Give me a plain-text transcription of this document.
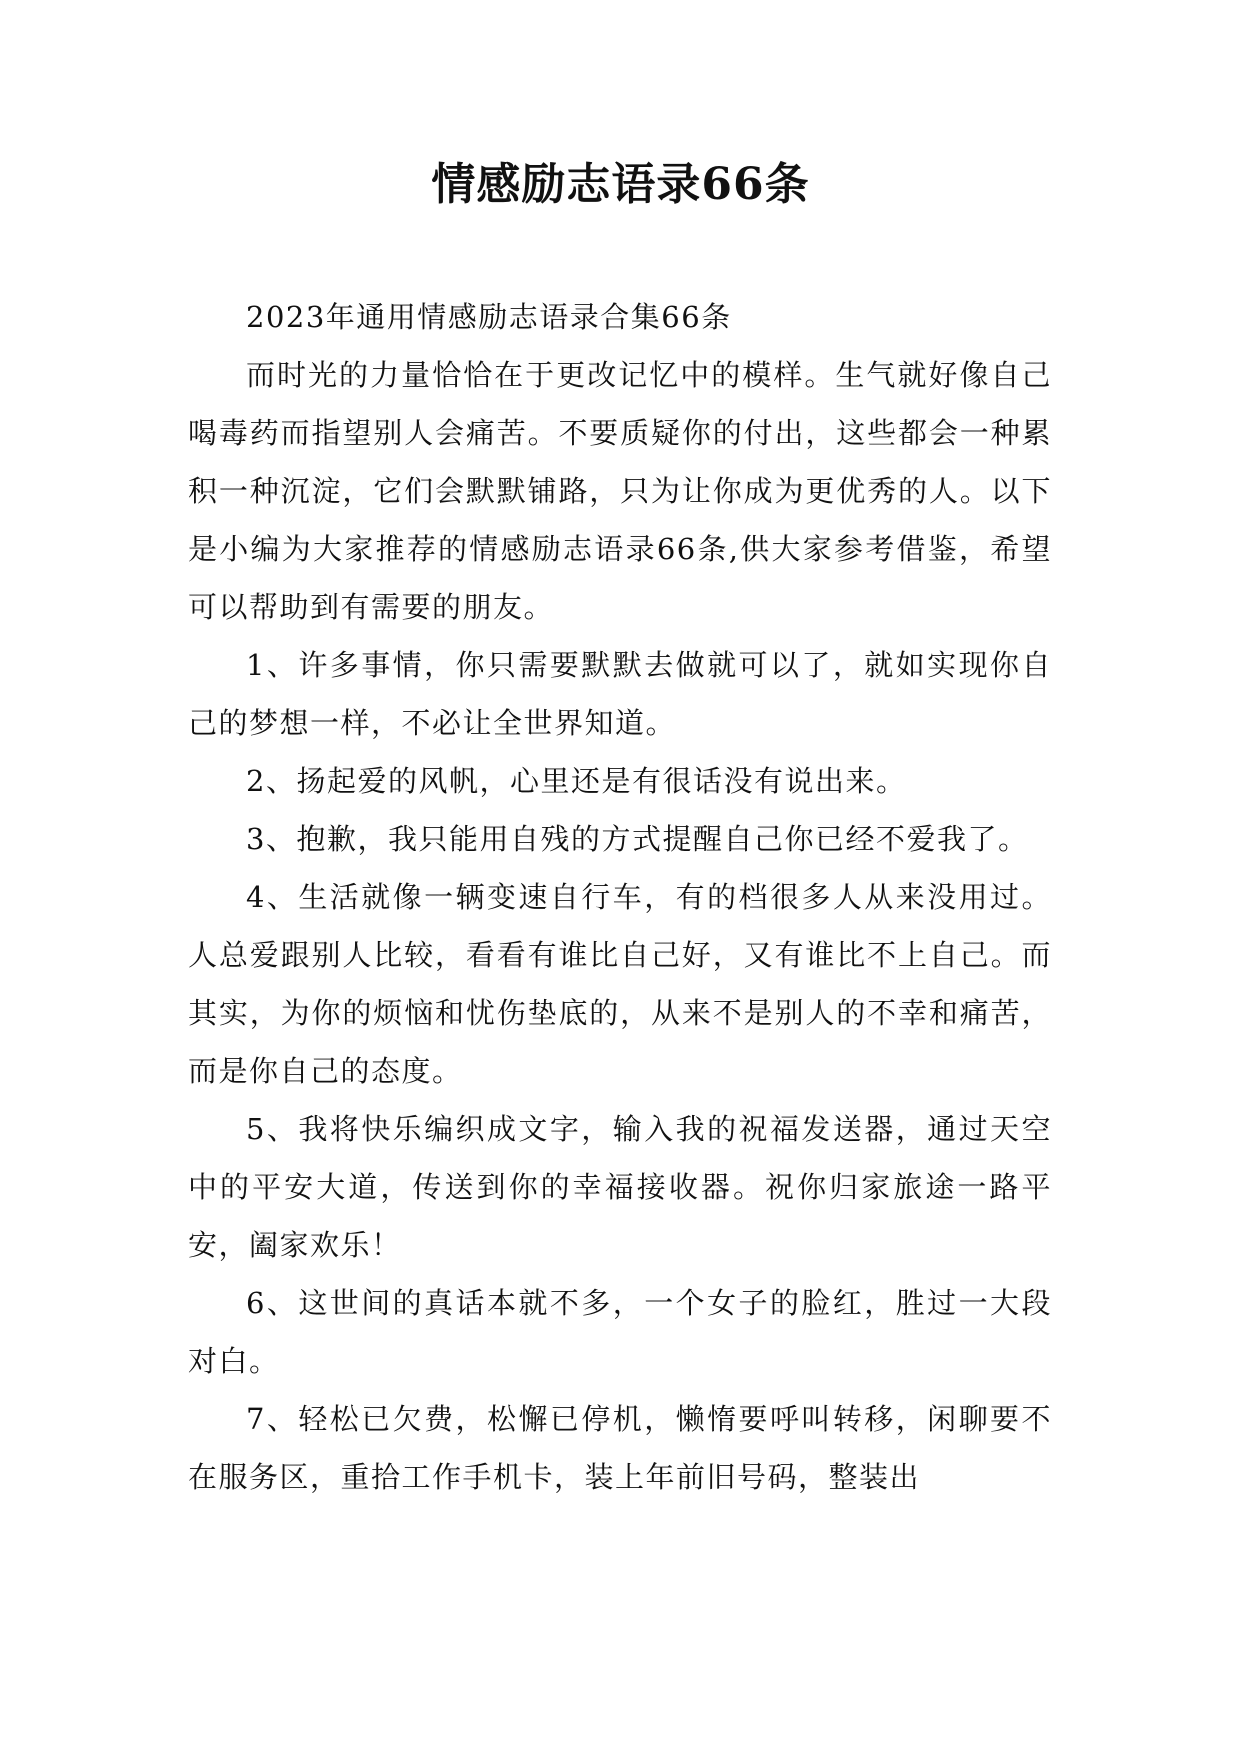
情感励志语录66条

2023年通用情感励志语录合集66条

而时光的力量恰恰在于更改记忆中的模样。生气就好像自己喝毒药而指望别人会痛苦。不要质疑你的付出，这些都会一种累积一种沉淀，它们会默默铺路，只为让你成为更优秀的人。以下是小编为大家推荐的情感励志语录66条,供大家参考借鉴，希望可以帮助到有需要的朋友。

1、许多事情，你只需要默默去做就可以了，就如实现你自己的梦想一样，不必让全世界知道。

2、扬起爱的风帆，心里还是有很话没有说出来。

3、抱歉，我只能用自残的方式提醒自己你已经不爱我了。

4、生活就像一辆变速自行车，有的档很多人从来没用过。人总爱跟别人比较，看看有谁比自己好，又有谁比不上自己。而其实，为你的烦恼和忧伤垫底的，从来不是别人的不幸和痛苦，而是你自己的态度。

5、我将快乐编织成文字，输入我的祝福发送器，通过天空中的平安大道，传送到你的幸福接收器。祝你归家旅途一路平安，阖家欢乐！

6、这世间的真话本就不多，一个女子的脸红，胜过一大段对白。

7、轻松已欠费，松懈已停机，懒惰要呼叫转移，闲聊要不在服务区，重拾工作手机卡，装上年前旧号码，整装出
